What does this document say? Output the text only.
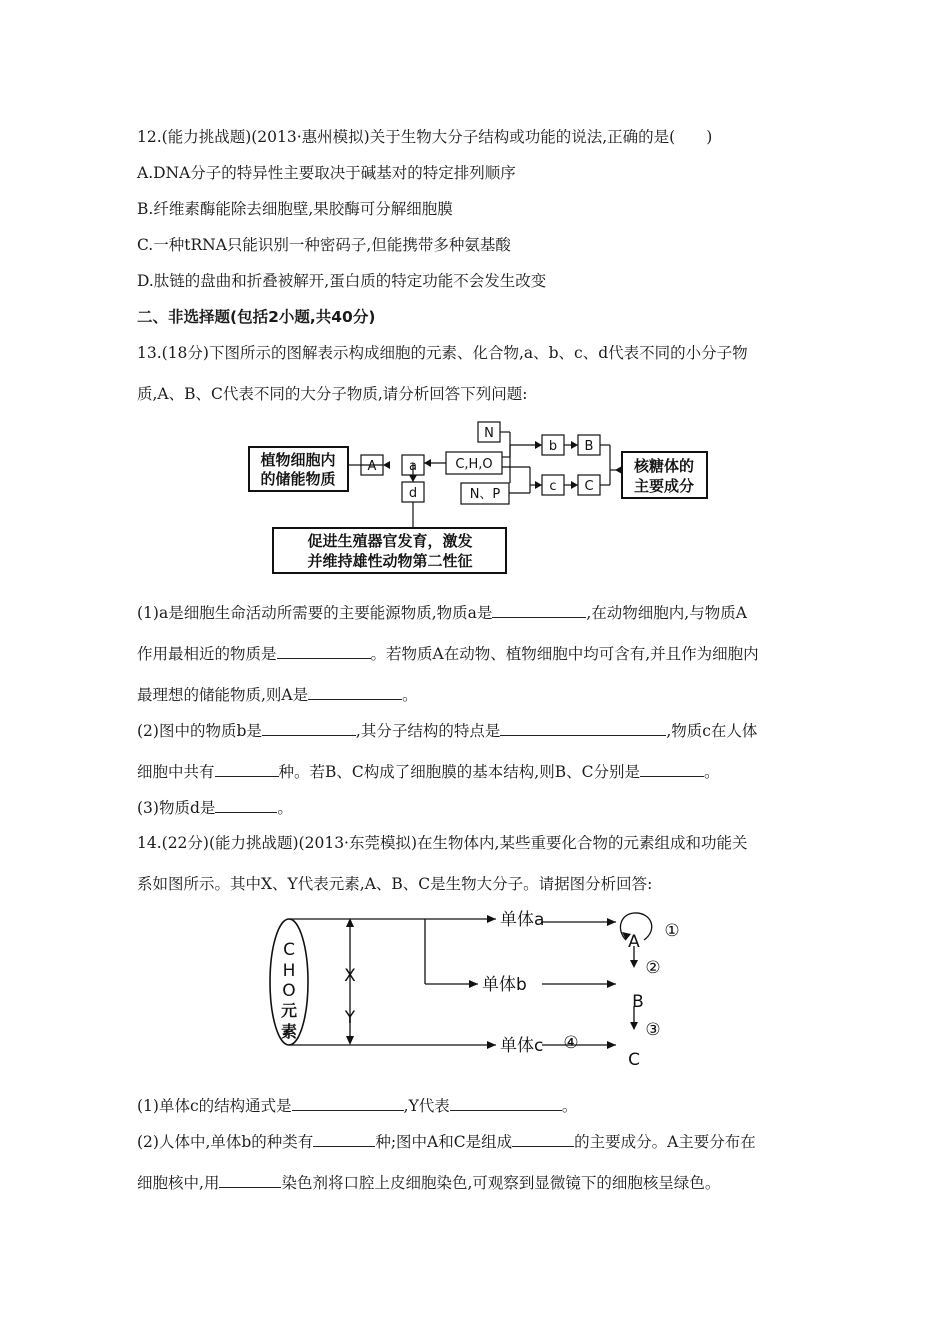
12.(能力挑战题)(2013·惠州模拟)关于生物大分子结构或功能的说法,正确的是(　　)
A.DNA分子的特异性主要取决于碱基对的特定排列顺序
B.纤维素酶能除去细胞壁,果胶酶可分解细胞膜
C.一种tRNA只能识别一种密码子,但能携带多种氨基酸
D.肽链的盘曲和折叠被解开,蛋白质的特定功能不会发生改变
二、非选择题(包括2小题,共40分)
13.(18分)下图所示的图解表示构成细胞的元素、化合物,a、b、c、d代表不同的小分子物
质,A、B、C代表不同的大分子物质,请分析回答下列问题:
植物细胞内
的储能物质
核糖体的
主要成分
促进生殖器官发育，激发
并维持雄性动物第二性征
A	a	C,H,O
N
N、P
b B
c C
d
(1)a是细胞生命活动所需要的主要能源物质,物质a是	,在动物细胞内,与物质A
作用最相近的物质是	。若物质A在动物、植物细胞中均可含有,并且作为细胞内
最理想的储能物质,则A是	。
(2)图中的物质b是	,其分子结构的特点是	,物质c在人体
细胞中共有	种。若B、C构成了细胞膜的基本结构,则B、C分别是	。
(3)物质d是	。
14.(22分)(能力挑战题)(2013·东莞模拟)在生物体内,某些重要化合物的元素组成和功能关
系如图所示。其中X、Y代表元素,A、B、C是生物大分子。请据图分析回答:
C
H
O
X
Y
A
B
C
①
②
③
④
元
素
单体a
单体b
单体c
(1)单体c的结构通式是	,Y代表	。
(2)人体中,单体b的种类有	种;图中A和C是组成	的主要成分。A主要分布在
细胞核中,用	染色剂将口腔上皮细胞染色,可观察到显微镜下的细胞核呈绿色。
